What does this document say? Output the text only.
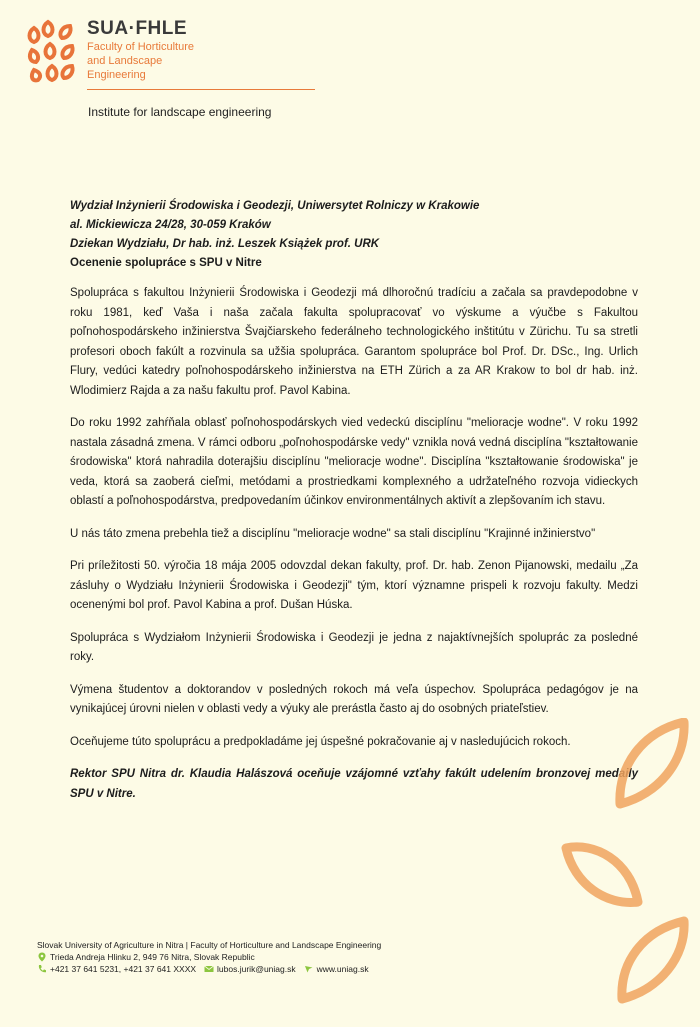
SUA·FHLE
Faculty of Horticulture
and Landscape
Engineering
Institute for landscape engineering
Wydział Inżynierii Środowiska i Geodezji, Uniwersytet Rolniczy w Krakowie
al. Mickiewicza 24/28, 30-059 Kraków
Dziekan Wydziału, Dr hab. inż. Leszek Książek prof. URK
Ocenenie spolupráce s SPU v Nitre

Spolupráca s fakultou Inżynierii Środowiska i Geodezji má dlhoročnú tradíciu a začala sa pravdepodobne v roku 1981, keď Vaša i naša začala fakulta spolupracovať vo výskume a výučbe s Fakultou poľnohospodárskeho inžinierstva Švajčiarskeho federálneho technologického inštitútu v Zürichu. Tu sa stretli profesori oboch fakúlt a rozvinula sa užšia spolupráca. Garantom spolupráce bol Prof. Dr. DSc., Ing. Urlich Flury, vedúci katedry poľnohospodárskeho inžinierstva na ETH Zürich a za AR Krakow to bol dr hab. inż. Wlodimierz Rajda a za našu fakultu prof. Pavol Kabina.

Do roku 1992 zahŕňala oblasť poľnohospodárskych vied vedeckú disciplínu "melioracje wodne". V roku 1992 nastala zásadná zmena. V rámci odboru „poľnohospodárske vedy" vznikla nová vedná disciplína "kształtowanie środowiska" ktorá nahradila doterajšiu disciplínu "melioracje wodne". Disciplína "kształtowanie środowiska" je veda, ktorá sa zaoberá cieľmi, metódami a prostriedkami komplexného a udržateľného rozvoja vidieckych oblastí a poľnohospodárstva, predpovedaním účinkov environmentálnych aktivít a zlepšovaním ich stavu.

U nás táto zmena prebehla tiež a disciplínu "melioracje wodne" sa stali disciplínu "Krajinné inžinierstvo"

Pri príležitosti 50. výročia 18 mája 2005 odovzdal dekan fakulty, prof. Dr. hab. Zenon Pijanowski, medailu „Za zásluhy o Wydziału Inżynierii Środowiska i Geodezji" tým, ktorí významne prispeli k rozvoju fakulty. Medzi ocenenými bol prof. Pavol Kabina a prof. Dušan Húska.

Spolupráca s Wydziałom Inżynierii Środowiska i Geodezji je jedna z najaktívnejších spoluprác za posledné roky.

Výmena študentov a doktorandov v posledných rokoch má veľa úspechov. Spolupráca pedagógov je na vynikajúcej úrovni nielen v oblasti vedy a výuky ale prerástla často aj do osobných priateľstiev.

Oceňujeme túto spoluprácu a predpokladáme jej úspešné pokračovanie aj v nasledujúcich rokoch.

Rektor SPU Nitra dr. Klaudia Halászová oceňuje vzájomné vzťahy fakúlt udelením bronzovej medaily SPU v Nitre.

Slovak University of Agriculture in Nitra | Faculty of Horticulture and Landscape Engineering
Trieda Andreja Hlinku 2, 949 76 Nitra, Slovak Republic
+421 37 641 5231, +421 37 641 XXXX lubos.jurik@uniag.sk www.uniag.sk
